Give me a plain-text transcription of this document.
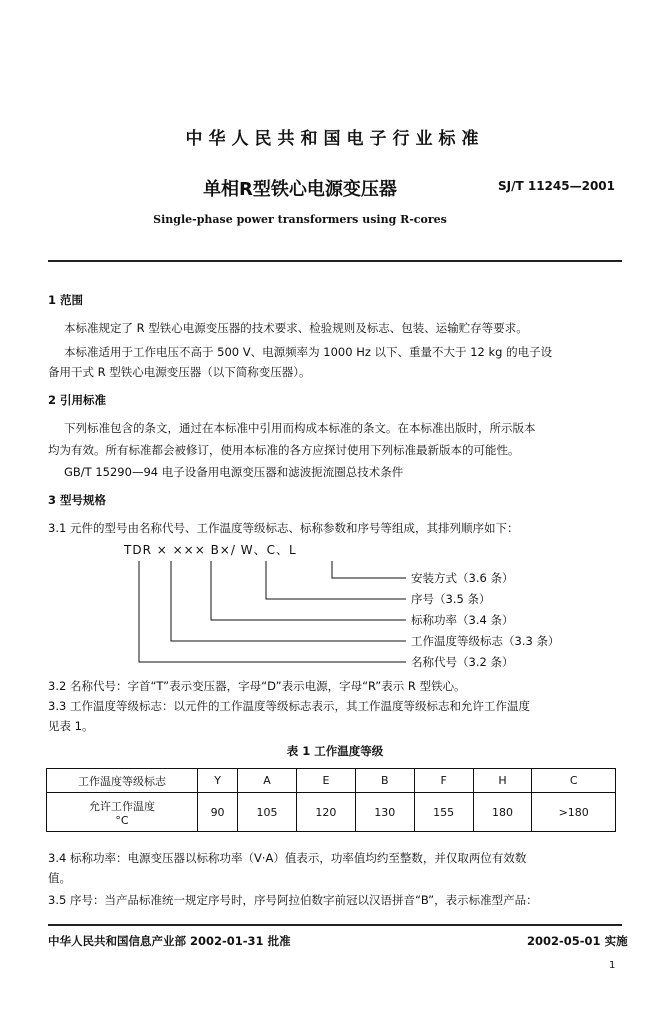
中华人民共和国电子行业标准
单相R型铁心电源变压器	SJ/T 11245—2001
Single-phase power transformers using R-cores
1 范围
本标准规定了 R 型铁心电源变压器的技术要求、检验规则及标志、包装、运输贮存等要求。
本标准适用于工作电压不高于 500 V、电源频率为 1000 Hz 以下、重量不大于 12 kg 的电子设
备用干式 R 型铁心电源变压器（以下简称变压器）。
2 引用标准
下列标准包含的条文，通过在本标准中引用而构成本标准的条文。在本标准出版时，所示版本
均为有效。所有标准都会被修订，使用本标准的各方应探讨使用下列标准最新版本的可能性。
GB/T 15290—94 电子设备用电源变压器和滤波扼流圈总技术条件
3 型号规格
3.1 元件的型号由名称代号、工作温度等级标志、标称参数和序号等组成，其排列顺序如下：
TDR × ××× B×/ W、C、L
安装方式（3.6 条）
序号（3.5 条）
标称功率（3.4 条）
工作温度等级标志（3.3 条）
名称代号（3.2 条）
3.2 名称代号：字首“T”表示变压器，字母“D”表示电源，字母“R”表示 R 型铁心。
3.3 工作温度等级标志：以元件的工作温度等级标志表示，其工作温度等级标志和允许工作温度
见表 1。
表 1 工作温度等级
工作温度等级标志	Y	A	E	B	F	H	C

允许工作温度
°C	90	105	120	130	155	180	>180
3.4 标称功率：电源变压器以标称功率（V·A）值表示，功率值均约至整数，并仅取两位有效数
值。
3.5 序号：当产品标准统一规定序号时，序号阿拉伯数字前冠以汉语拼音“B”，表示标准型产品：
中华人民共和国信息产业部 2002-01-31 批准	2002-05-01 实施
1
